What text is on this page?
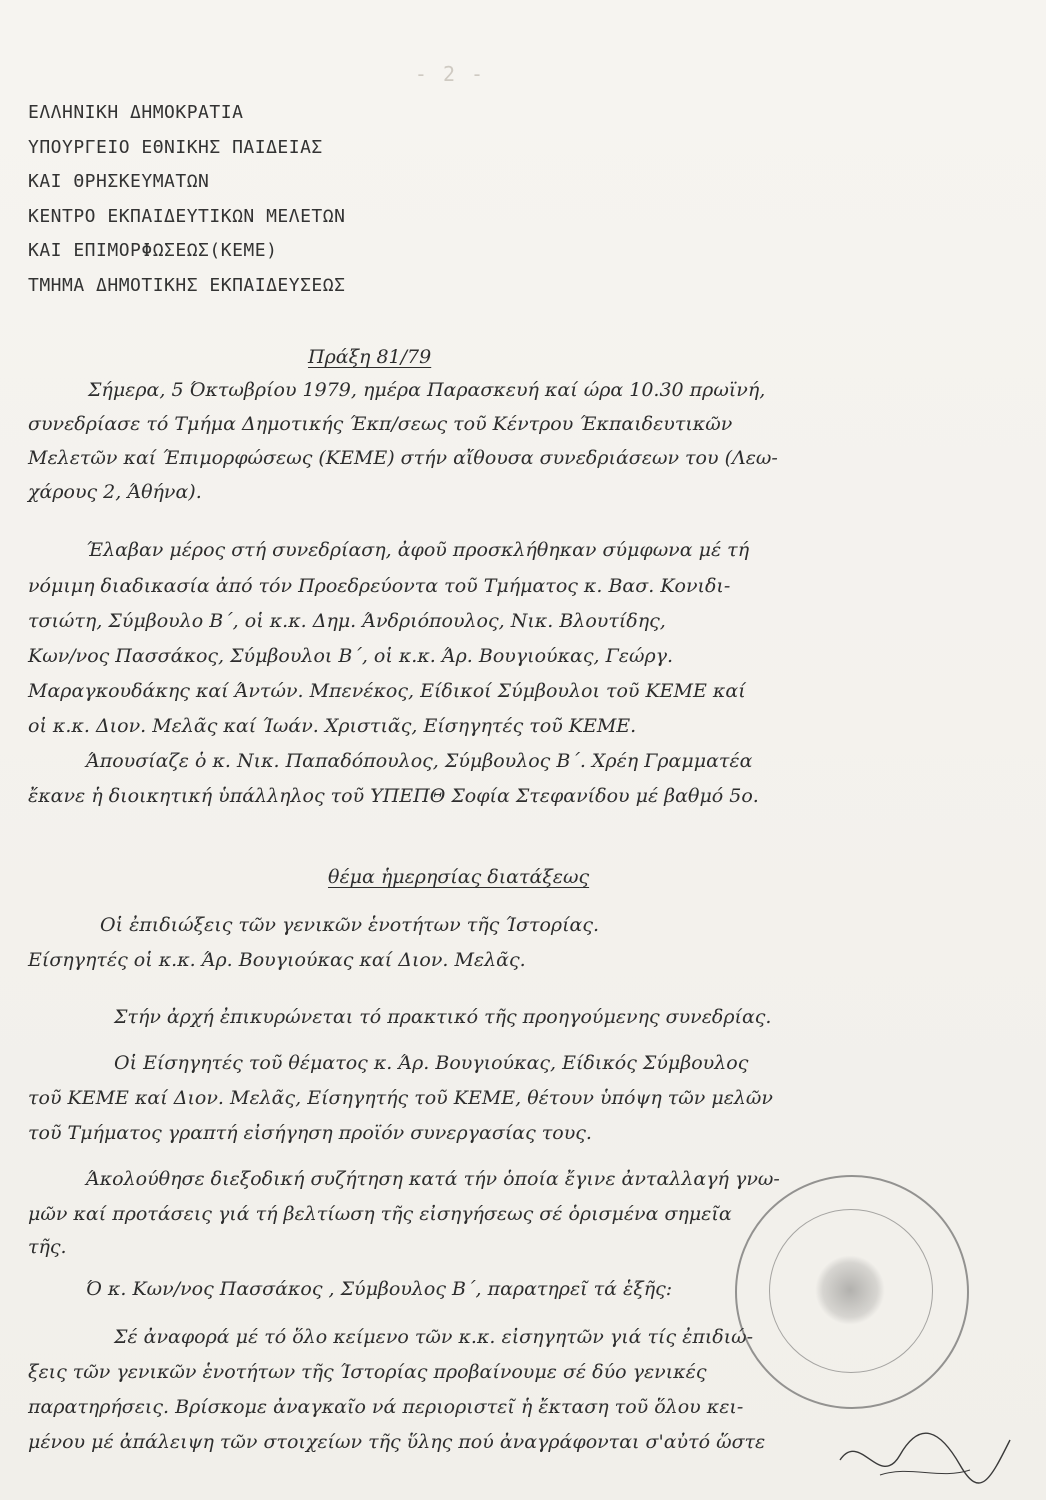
- 2 -
ΕΛΛΗΝΙΚΗ ΔΗΜΟΚΡΑΤΙΑ
ΥΠΟΥΡΓΕΙΟ ΕΘΝΙΚΗΣ ΠΑΙΔΕΙΑΣ
ΚΑΙ ΘΡΗΣΚΕΥΜΑΤΩΝ
ΚΕΝΤΡΟ ΕΚΠΑΙΔΕΥΤΙΚΩΝ ΜΕΛΕΤΩΝ
ΚΑΙ ΕΠΙΜΟΡΦΩΣΕΩΣ(ΚΕΜΕ)
ΤΜΗΜΑ ΔΗΜΟΤΙΚΗΣ ΕΚΠΑΙΔΕΥΣΕΩΣ
Πράξη 81/79
Σήμερα, 5 Όκτωβρίου 1979, ημέρα Παρασκευή καί ώρα 10.30 πρωϊνή,
συνεδρίασε τό Τμήμα Δημοτικής Έκπ/σεως τοῦ Κέντρου Έκπαιδευτικῶν
Μελετῶν καί Έπιμορφώσεως (ΚΕΜΕ) στήν αἴθουσα συνεδριάσεων του (Λεω-
χάρους 2, Άθήνα).
Έλαβαν μέρος στή συνεδρίαση, ἀφοῦ προσκλήθηκαν σύμφωνα μέ τή
νόμιμη διαδικασία ἀπό τόν Προεδρεύοντα τοῦ Τμήματος κ. Βασ. Κονιδι-
τσιώτη, Σύμβουλο Β΄, οἱ κ.κ. Δημ. Άνδριόπουλος, Νικ. Βλουτίδης,
Κων/νος Πασσάκος, Σύμβουλοι Β΄, οἱ κ.κ. Άρ. Βουγιούκας, Γεώργ.
Μαραγκουδάκης καί Άντών. Μπενέκος, Είδικοί Σύμβουλοι τοῦ ΚΕΜΕ καί
οἱ κ.κ. Διον. Μελᾶς καί Ίωάν. Χριστιᾶς, Είσηγητές τοῦ ΚΕΜΕ.
Άπουσίαζε ὁ κ. Νικ. Παπαδόπουλος, Σύμβουλος Β΄. Χρέη Γραμματέα
ἔκανε ἡ διοικητική ὑπάλληλος τοῦ ΥΠΕΠΘ Σοφία Στεφανίδου μέ βαθμό 5ο.
θέμα ἡμερησίας διατάξεως
Οἱ ἐπιδιώξεις τῶν γενικῶν ἑνοτήτων τῆς Ίστορίας.
Είσηγητές οἱ κ.κ. Άρ. Βουγιούκας καί Διον. Μελᾶς.
Στήν ἀρχή ἐπικυρώνεται τό πρακτικό τῆς προηγούμενης συνεδρίας.
Οἱ Είσηγητές τοῦ θέματος κ. Άρ. Βουγιούκας, Είδικός Σύμβουλος
τοῦ ΚΕΜΕ καί Διον. Μελᾶς, Είσηγητής τοῦ ΚΕΜΕ, θέτουν ὑπόψη τῶν μελῶν
τοῦ Τμήματος γραπτή εἰσήγηση προϊόν συνεργασίας τους.
Άκολούθησε διεξοδική συζήτηση κατά τήν ὁποία ἔγινε ἀνταλλαγή γνω-
μῶν καί προτάσεις γιά τή βελτίωση τῆς εἰσηγήσεως σέ ὁρισμένα σημεῖα
τῆς.
Ό κ. Κων/νος Πασσάκος , Σύμβουλος Β΄, παρατηρεῖ τά ἑξῆς:
Σέ ἀναφορά μέ τό ὅλο κείμενο τῶν κ.κ. εἰσηγητῶν γιά τίς ἐπιδιώ-
ξεις τῶν γενικῶν ἑνοτήτων τῆς Ίστορίας προβαίνουμε σέ δύο γενικές
παρατηρήσεις. Βρίσκομε ἀναγκαῖο νά περιοριστεῖ ἡ ἔκταση τοῦ ὅλου κει-
μένου μέ ἀπάλειψη τῶν στοιχείων τῆς ὕλης πού ἀναγράφονται σ'αὐτό ὥστε
